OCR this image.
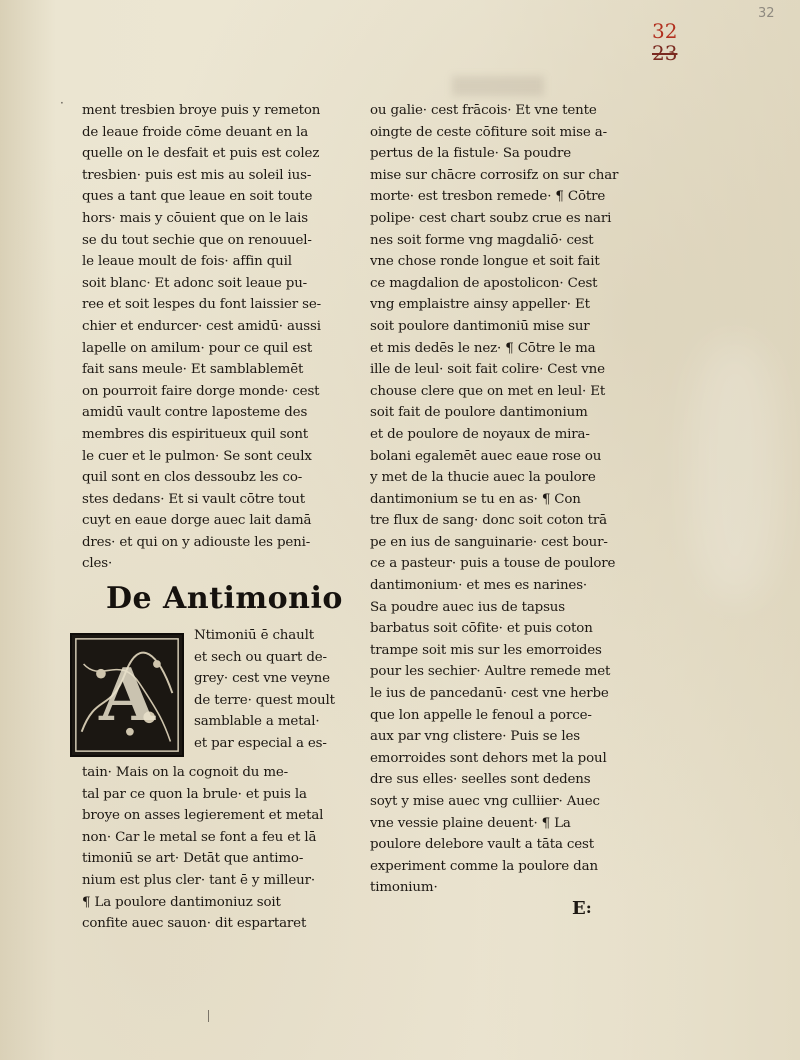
32
23
32
· ment tresbien broye puis y remeton
de leaue froide cōme deuant en la
quelle on le desfait et puis est colez
tresbien· puis est mis au soleil ius-
ques a tant que leaue en soit toute
hors· mais y cōuient que on le lais
se du tout sechie que on renouuel-
le leaue moult de fois· affin quil
soit blanc· Et adonc soit leaue pu-
ree et soit lespes du font laissier se-
chier et endurcer· cest amidū· aussi
lapelle on amilum· pour ce quil est
fait sans meule· Et samblablemēt
on pourroit faire dorge monde· cest
amidū vault contre laposteme des
membres dis espiritueux quil sont
le cuer et le pulmon· Se sont ceulx
quil sont en clos dessoubz les co-
stes dedans· Et si vault cōtre tout
cuyt en eaue dorge auec lait damā
dres· et qui on y adiouste les peni-
cles·
De Antimonio
A
Ntimoniū ē chault
et sech ou quart de-
grey· cest vne veyne
de terre· quest moult
samblable a metal·
et par especial a es-
tain· Mais on la cognoit du me-
tal par ce quon la brule· et puis la
broye on asses legierement et metal
non· Car le metal se font a feu et lā
timoniū se art· Detāt que antimo-
nium est plus cler· tant ē y milleur·
¶ La poulore dantimoniuz soit
confite auec sauon· dit espartaret
ou galie· cest frācois· Et vne tente
oingte de ceste cōfiture soit mise a-
pertus de la fistule· Sa poudre
mise sur chācre corrosifz on sur char
morte· est tresbon remede· ¶ Cōtre
polipe· cest chart soubz crue es nari
nes soit forme vng magdaliō· cest
vne chose ronde longue et soit fait
ce magdalion de apostolicon· Cest
vng emplaistre ainsy appeller· Et
soit poulore dantimoniū mise sur
et mis dedēs le nez· ¶ Cōtre le ma
ille de leul· soit fait colire· Cest vne
chouse clere que on met en leul· Et
soit fait de poulore dantimonium
et de poulore de noyaux de mira-
bolani egalemēt auec eaue rose ou
y met de la thucie auec la poulore
dantimonium se tu en as· ¶ Con
tre flux de sang· donc soit coton trā
pe en ius de sanguinarie· cest bour-
ce a pasteur· puis a touse de poulore
dantimonium· et mes es narines·
Sa poudre auec ius de tapsus
barbatus soit cōfite· et puis coton
trampe soit mis sur les emorroides
pour les sechier· Aultre remede met
le ius de pancedanū· cest vne herbe
que lon appelle le fenoul a porce-
aux par vng clistere· Puis se les
emorroides sont dehors met la poul
dre sus elles· seelles sont dedens
soyt y mise auec vng culliier· Auec
vne vessie plaine deuent· ¶ La
poulore delebore vault a tāta cest
experiment comme la poulore dan
timonium·
E꞉
